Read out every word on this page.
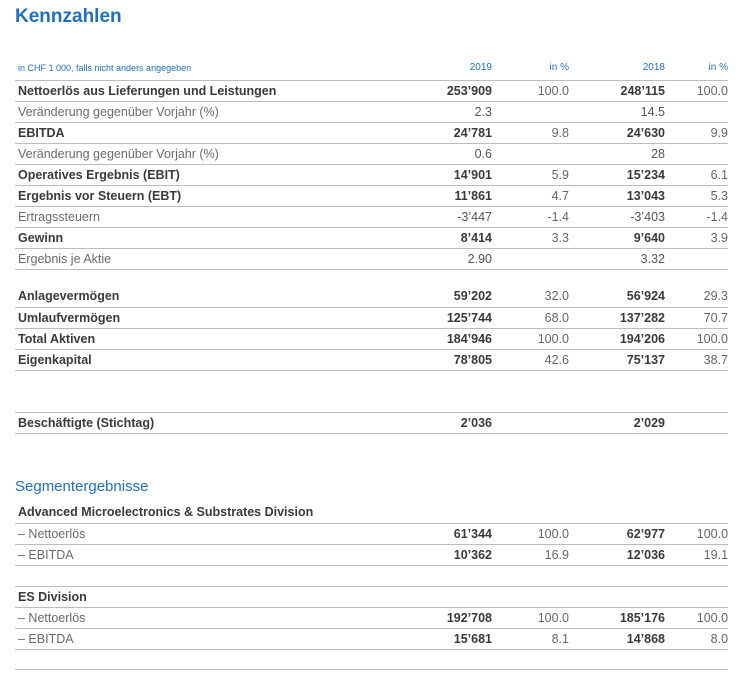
Kennzahlen
in CHF 1 000, falls nicht anders angegeben	2019	in %	2018	in %
Nettoerlös aus Lieferungen und Leistungen	253’909	100.0	248’115	100.0
Veränderung gegenüber Vorjahr (%)	2.3		14.5	
EBITDA	24’781	9.8	24’630	9.9
Veränderung gegenüber Vorjahr (%)	0.6		28	
Operatives Ergebnis (EBIT)	14’901	5.9	15’234	6.1
Ergebnis vor Steuern (EBT)	11’861	4.7	13’043	5.3
Ertragssteuern	-3’447	-1.4	-3’403	-1.4
Gewinn	8’414	3.3	9’640	3.9
Ergebnis je Aktie	2.90		3.32	
Anlagevermögen	59’202	32.0	56’924	29.3
Umlaufvermögen	125’744	68.0	137’282	70.7
Total Aktiven	184’946	100.0	194’206	100.0
Eigenkapital	78’805	42.6	75’137	38.7
Beschäftigte (Stichtag)	2’036		2’029	
Segmentergebnisse
Advanced Microelectronics & Substrates Division				
– Nettoerlös	61’344	100.0	62’977	100.0
– EBITDA	10’362	16.9	12’036	19.1
ES Division				
– Nettoerlös	192’708	100.0	185’176	100.0
– EBITDA	15’681	8.1	14’868	8.0
